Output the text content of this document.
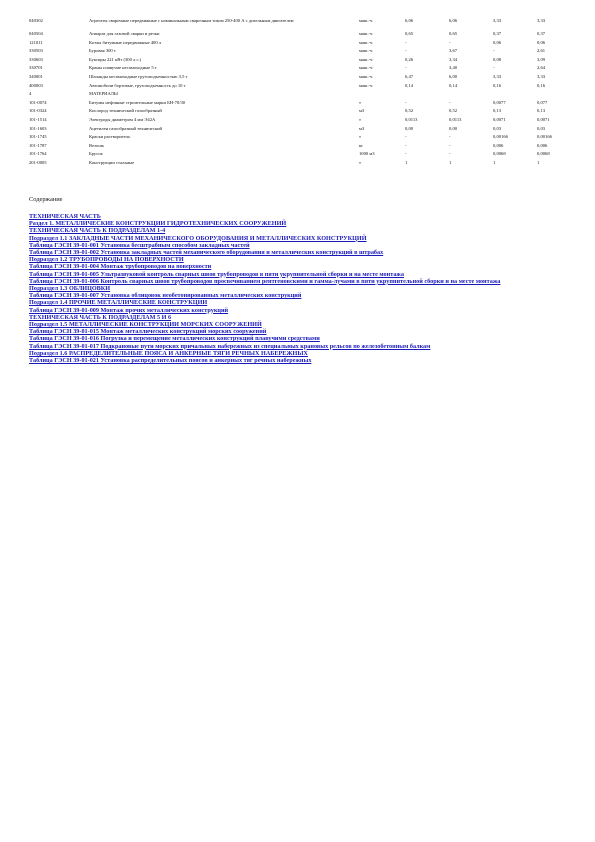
040302	Агрегаты сварочные передвижные с номинальным сварочным током 250-400 А с дизельным двигателем	маш.-ч	6,06	6,06	3,33	3,33
040504	Аппарат для газовой сварки и резки	маш.-ч	0,65	0,65	0,37	0,37
121011	Котлы битумные передвижные 400 л	маш.-ч	-	-	0,06	0,06
330503	Буровая 300 т	маш.-ч	-	3,67	-	2,61
330603	Буксиры 221 кВт (300 л.с.)	маш.-ч	0,26	3,34	0,08	3,09
330701	Краны плавучие несамоходные 5 т	маш.-ч	-	3,40	-	2,64
340001	Шаланды несамоходные грузоподъемностью 3,5 т	маш.-ч	6,47	6,00	3,33	3,33
400003	Автомобили бортовые, грузоподъемность до 10 т	маш.-ч	0,14	0,14	0,16	0,16
4	МАТЕРИАЛЫ					
101-0074	Битумы нефтяные строительные марки БН-70/30	т	-	-	0,0077	0,077
101-0324	Кислород технический газообразный	м3	0,52	0,52	0,13	0,13
101-1514	Электроды диаметром 4 мм Э42А	т	0,0113	0,0113	0,0071	0,0071
101-1603	Ацетилен газообразный технический	м3	0,00	0,00	0,03	0,03
101-1745	Краски растворитель	т	-	-	0,00166	0,00166
101-1787	Ветошь	кг	-	-	0,006	0,006
101-1764	Брусок	1000 м3	-	-	0,0068	0,0068
201-0005	Конструкции стальные	т	1	1	1	1
Содержание
ТЕХНИЧЕСКАЯ ЧАСТЬ
Раздел 1. МЕТАЛЛИЧЕСКИЕ КОНСТРУКЦИИ ГИДРОТЕХНИЧЕСКИХ СООРУЖЕНИЙ
ТЕХНИЧЕСКАЯ ЧАСТЬ К ПОДРАЗДЕЛАМ 1-4
Подраздел 1.1 ЗАКЛАДНЫЕ ЧАСТИ МЕХАНИЧЕСКОГО ОБОРУДОВАНИЯ И МЕТАЛЛИЧЕСКИХ КОНСТРУКЦИЙ
Таблица ГЭСН 39-01-001 Установка бесштрабным способом закладных частей
Таблица ГЭСН 39-01-002 Установка закладных частей механического оборудования и металлических конструкций в штрабах
Подраздел 1.2 ТРУБОПРОВОДЫ НА ПОВЕРХНОСТИ
Таблица ГЭСН 39-01-004 Монтаж трубопроводов на поверхности
Таблица ГЭСН 39-01-005 Ультразвуковой контроль сварных швов трубопроводов в пяти укрупнительной сборки и на месте монтажа
Таблица ГЭСН 39-01-006 Контроль сварных швов трубопроводов просвечиванием рентгеновскими и гамма-лучами в пяти укрупнительной сборки и на месте монтажа
Подраздел 1.3 ОБЛИЦОВКИ
Таблица ГЭСН 39-01-007 Установка облицовок необетонированных металлических конструкций
Подраздел 1.4 ПРОЧИЕ МЕТАЛЛИЧЕСКИЕ КОНСТРУКЦИИ
Таблица ГЭСН 39-01-009 Монтаж прочих металлических конструкций
ТЕХНИЧЕСКАЯ ЧАСТЬ К ПОДРАЗДЕЛАМ 5 И 6
Подраздел 1.5 МЕТАЛЛИЧЕСКИЕ КОНСТРУКЦИИ МОРСКИХ СООРУЖЕНИЙ
Таблица ГЭСН 39-01-015 Монтаж металлических конструкций морских сооружений
Таблица ГЭСН 39-01-016 Погрузка и перемещение металлических конструкций плавучими средствами
Таблица ГЭСН 39-01-017 Подкрановые пути морских причальных набережных из специальных крановых рельсов по железобетонным балкам
Подраздел 1.6 РАСПРЕДЕЛИТЕЛЬНЫЕ ПОЯСА И АНКЕРНЫЕ ТЯГИ РЕЧНЫХ НАБЕРЕЖНЫХ
Таблица ГЭСН 39-01-021 Установка распределительных поясов и анкерных тяг речных набережных
